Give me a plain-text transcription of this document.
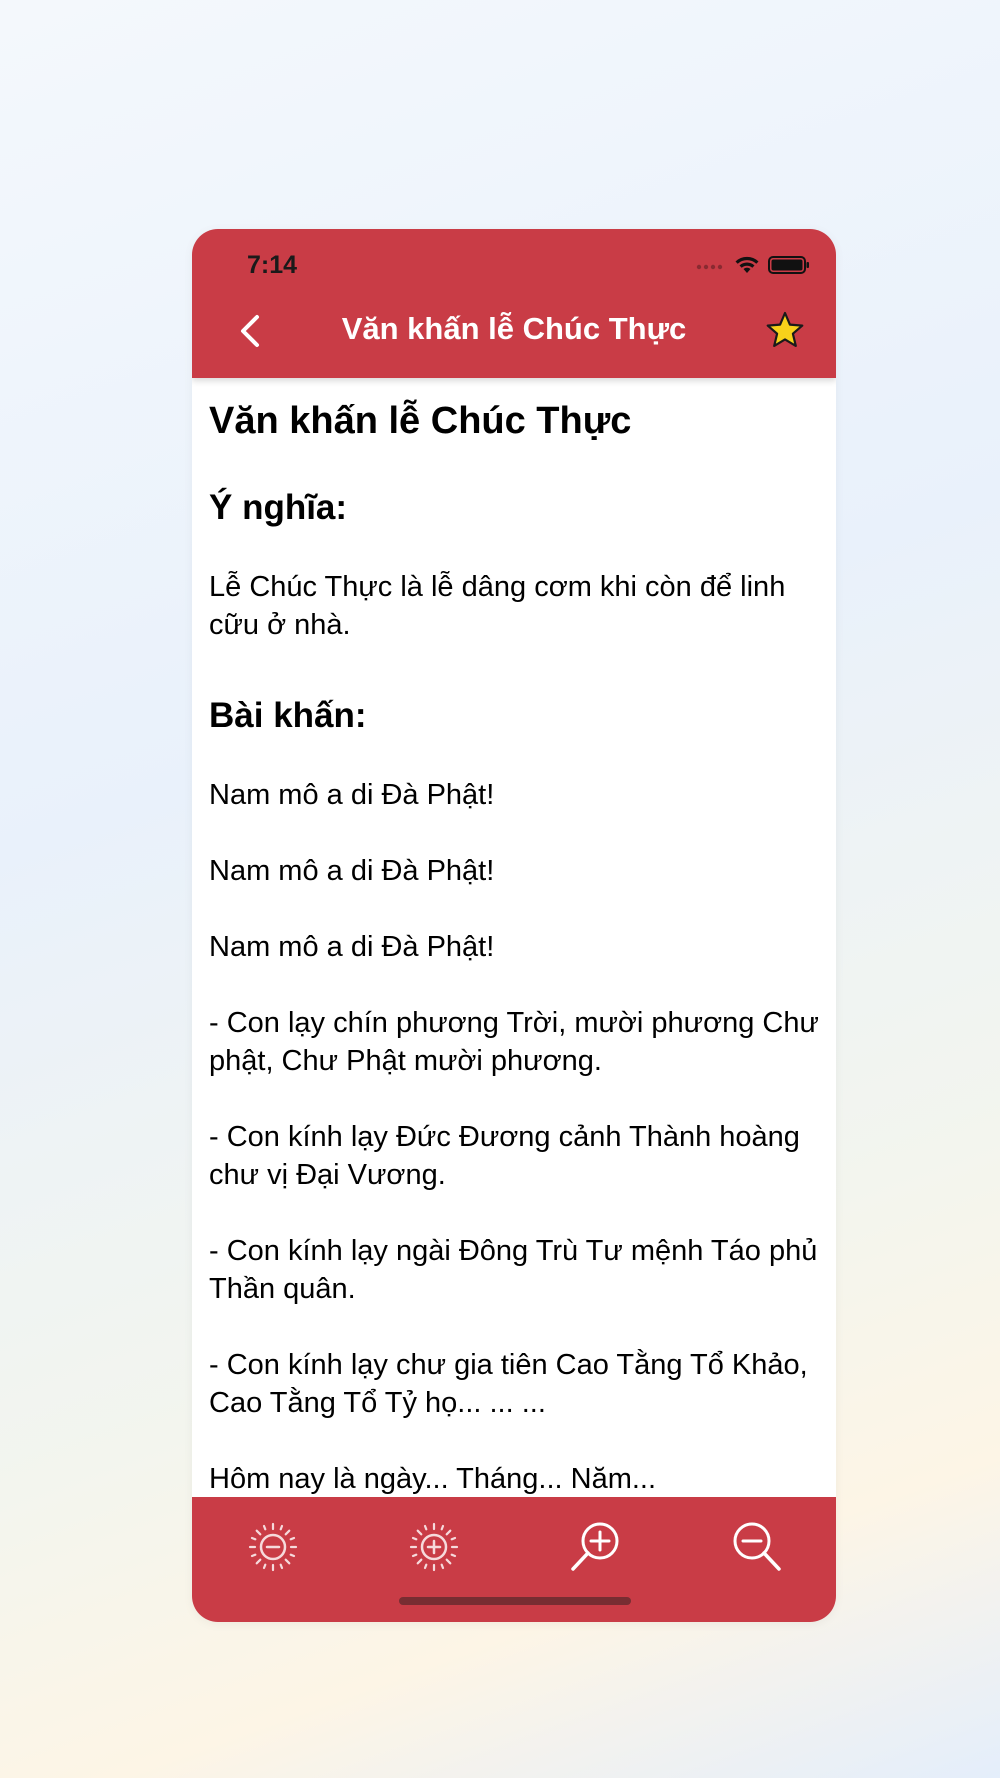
7:14
Văn khấn lễ Chúc Thực
Văn khấn lễ Chúc Thực
Ý nghĩa:

Lễ Chúc Thực là lễ dâng cơm khi còn để linh cữu ở nhà.

Bài khấn:

Nam mô a di Đà Phật!

Nam mô a di Đà Phật!

Nam mô a di Đà Phật!

- Con lạy chín phương Trời, mười phương Chư phật, Chư Phật mười phương.

- Con kính lạy Đức Đương cảnh Thành hoàng chư vị Đại Vương.

- Con kính lạy ngài Đông Trù Tư mệnh Táo phủ Thần quân.

- Con kính lạy chư gia tiên Cao Tằng Tổ Khảo, Cao Tằng Tổ Tỷ họ... ... ...

Hôm nay là ngày... Tháng... Năm...
